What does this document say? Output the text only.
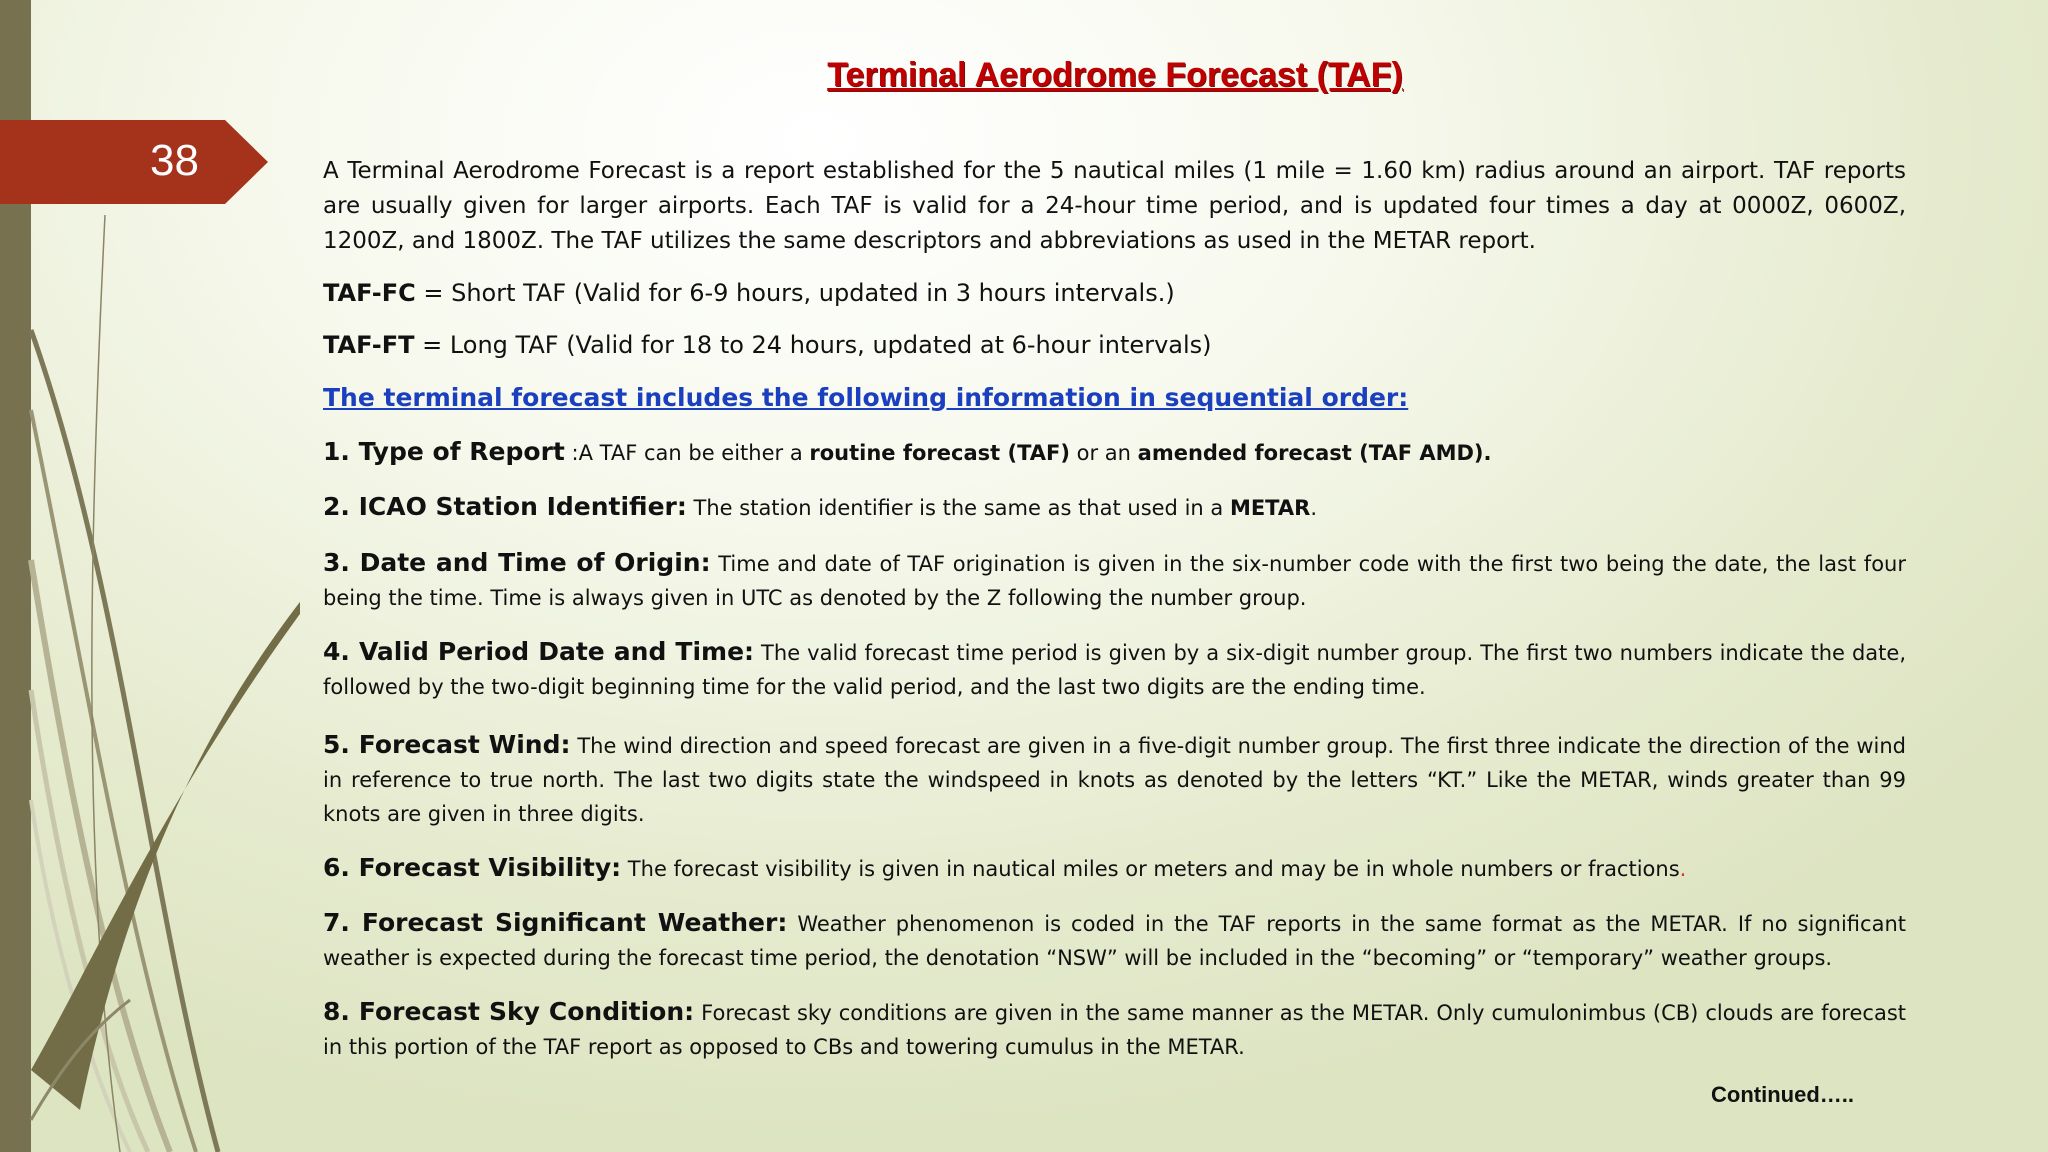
38
Terminal Aerodrome Forecast (TAF)

A Terminal Aerodrome Forecast is a report established for the 5 nautical miles (1 mile = 1.60 km) radius around an airport. TAF reports are usually given for larger airports. Each TAF is valid for a 24-hour time period, and is updated four times a day at 0000Z, 0600Z, 1200Z, and 1800Z. The TAF utilizes the same descriptors and abbreviations as used in the METAR report.

TAF-FC = Short TAF (Valid for 6-9 hours, updated in 3 hours intervals.)

TAF-FT = Long TAF (Valid for 18 to 24 hours, updated at 6-hour intervals)

The terminal forecast includes the following information in sequential order:

1. Type of Report :A TAF can be either a routine forecast (TAF) or an amended forecast (TAF AMD).

2. ICAO Station Identifier: The station identifier is the same as that used in a METAR.

3. Date and Time of Origin: Time and date of TAF origination is given in the six-number code with the first two being the date, the last four being the time. Time is always given in UTC as denoted by the Z following the number group.

4. Valid Period Date and Time: The valid forecast time period is given by a six-digit number group. The first two numbers indicate the date, followed by the two-digit beginning time for the valid period, and the last two digits are the ending time.

5. Forecast Wind: The wind direction and speed forecast are given in a five-digit number group. The first three indicate the direction of the wind in reference to true north. The last two digits state the windspeed in knots as denoted by the letters “KT.” Like the METAR, winds greater than 99 knots are given in three digits.

6. Forecast Visibility: The forecast visibility is given in nautical miles or meters and may be in whole numbers or fractions.

7. Forecast Significant Weather: Weather phenomenon is coded in the TAF reports in the same format as the METAR. If no significant weather is expected during the forecast time period, the denotation “NSW” will be included in the “becoming” or “temporary” weather groups.

8. Forecast Sky Condition: Forecast sky conditions are given in the same manner as the METAR. Only cumulonimbus (CB) clouds are forecast in this portion of the TAF report as opposed to CBs and towering cumulus in the METAR.

Continued…..
